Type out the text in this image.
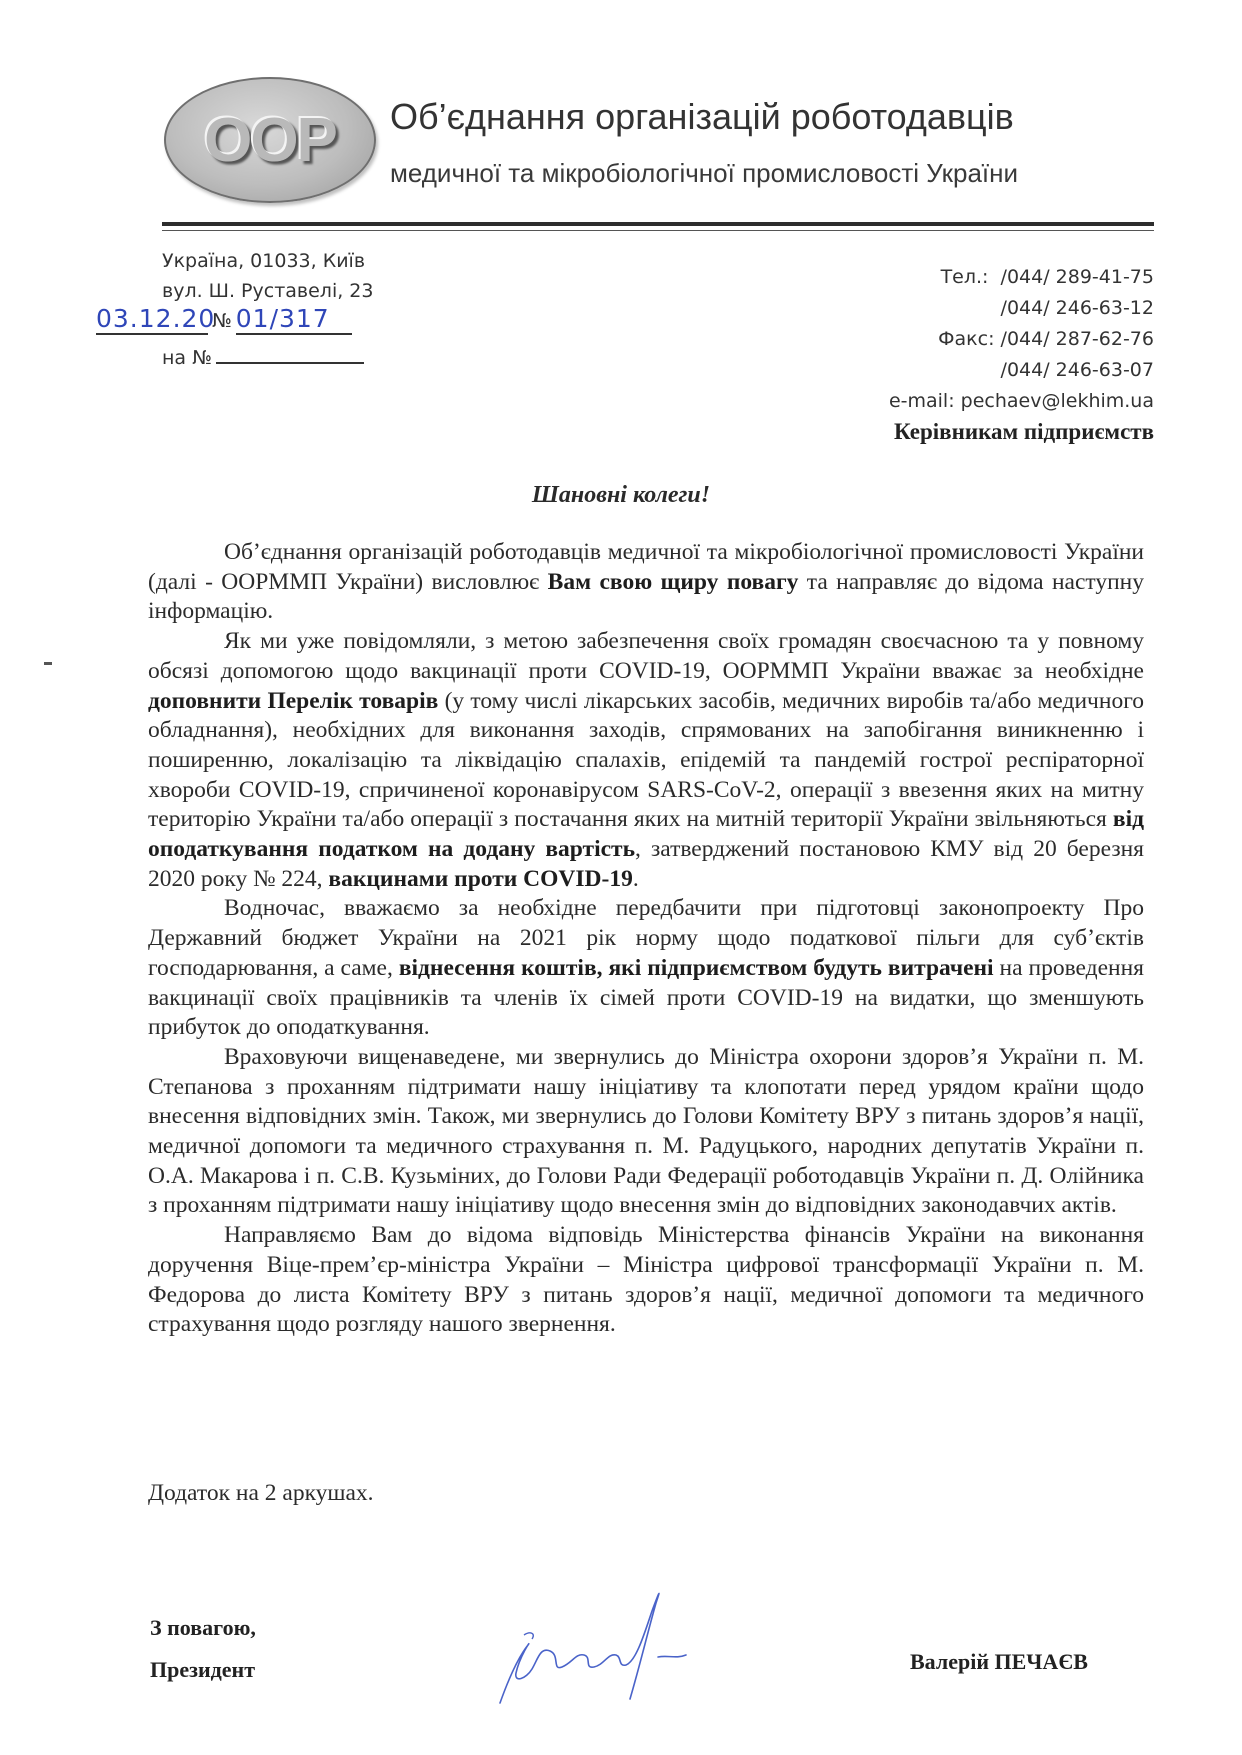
ООР	Об’єднання організацій роботодавців
медичної та мікробіологічної промисловості України
Україна, 01033, Київ
вул. Ш. Руставелі, 23
03.12.20 № 01/317
на №
Тел.: /044/ 289-41-75
/044/ 246-63-12
Факс: /044/ 287-62-76
/044/ 246-63-07
e-mail: pechaev@lekhim.ua
Керівникам підприємств
Шановні колеги!

Об’єднання організацій роботодавців медичної та мікробіологічної промисловості України (далі - ООРММП України) висловлює Вам свою щиру повагу та направляє до відома наступну інформацію.

Як ми уже повідомляли, з метою забезпечення своїх громадян своєчасною та у повному обсязі допомогою щодо вакцинації проти COVID-19, ООРММП України вважає за необхідне доповнити Перелік товарів (у тому числі лікарських засобів, медичних виробів та/або медичного обладнання), необхідних для виконання заходів, спрямованих на запобігання виникненню і поширенню, локалізацію та ліквідацію спалахів, епідемій та пандемій гострої респіраторної хвороби COVID-19, спричиненої коронавірусом SARS-CoV-2, операції з ввезення яких на митну територію України та/або операції з постачання яких на митній території України звільняються від оподаткування податком на додану вартість, затверджений постановою КМУ від 20 березня 2020 року № 224, вакцинами проти COVID-19.

Водночас, вважаємо за необхідне передбачити при підготовці законопроекту Про Державний бюджет України на 2021 рік норму щодо податкової пільги для суб’єктів господарювання, а саме, віднесення коштів, які підприємством будуть витрачені на проведення вакцинації своїх працівників та членів їх сімей проти COVID-19 на видатки, що зменшують прибуток до оподаткування.

Враховуючи вищенаведене, ми звернулись до Міністра охорони здоров’я України п. М. Степанова з проханням підтримати нашу ініціативу та клопотати перед урядом країни щодо внесення відповідних змін. Також, ми звернулись до Голови Комітету ВРУ з питань здоров’я нації, медичної допомоги та медичного страхування п. М. Радуцького, народних депутатів України п. О.А. Макарова і п. С.В. Кузьміних, до Голови Ради Федерації роботодавців України п. Д. Олійника з проханням підтримати нашу ініціативу щодо внесення змін до відповідних законодавчих актів.

Направляємо Вам до відома відповідь Міністерства фінансів України на виконання доручення Віце-прем’єр-міністра України – Міністра цифрової трансформації України п. М. Федорова до листа Комітету ВРУ з питань здоров’я нації, медичної допомоги та медичного страхування щодо розгляду нашого звернення.

Додаток на 2 аркушах.
З повагою,
Президент	Валерій ПЕЧАЄВ
